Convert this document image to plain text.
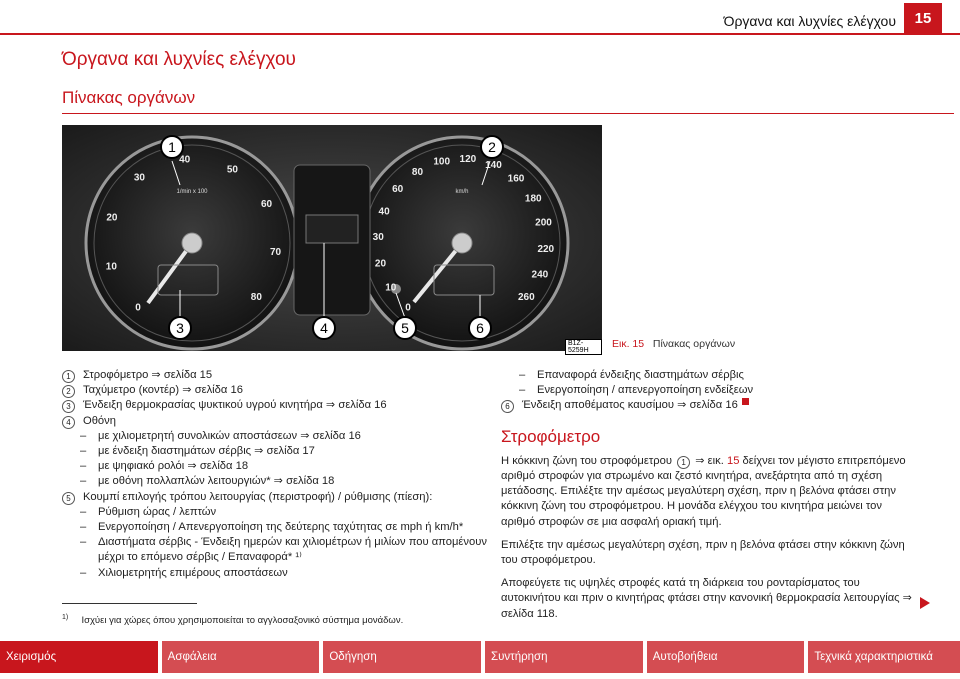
Όργανα και λυχνίες ελέγχου	15
Όργανα και λυχνίες ελέγχου
Πίνακας οργάνων
0
10
20
30
40
50
60
70
80
0
10
20
30
40
60
80
100 120
140
160
180
200
220
240
260
1/min x 100	km/h
1	2
3	4	5	6
B1Z-5259H
Εικ. 15 Πίνακας οργάνων
1	Στροφόμετρο ⇒ σελίδα 15
2	Ταχύμετρο (κοντέρ) ⇒ σελίδα 16
3	Ένδειξη θερμοκρασίας ψυκτικού υγρού κινητήρα ⇒ σελίδα 16
4	Οθόνη
–	με χιλιομετρητή συνολικών αποστάσεων ⇒ σελίδα 16
–	με ένδειξη διαστημάτων σέρβις ⇒ σελίδα 17
–	με ψηφιακό ρολόι ⇒ σελίδα 18
–	με οθόνη πολλαπλών λειτουργιών* ⇒ σελίδα 18
5	Κουμπί επιλογής τρόπου λειτουργίας (περιστροφή) / ρύθμισης (πίεση):
–	Ρύθμιση ώρας / λεπτών
–	Ενεργοποίηση / Απενεργοποίηση της δεύτερης ταχύτητας σε mph ή km/h*
–	Διαστήματα σέρβις - Ένδειξη ημερών και χιλιομέτρων ή μιλίων που απομένουν μέχρι το επόμενο σέρβις / Επαναφορά* ¹⁾
–	Χιλιομετρητής επιμέρους αποστάσεων
$^{1)}$ Ισχύει για χώρες όπου χρησιμοποιείται το αγγλοσαξονικό σύστημα μονάδων.
–	Επαναφορά ένδειξης διαστημάτων σέρβις
–	Ενεργοποίηση / απενεργοποίηση ενδείξεων
6	Ένδειξη αποθέματος καυσίμου ⇒ σελίδα 16
Στροφόμετρο
Η κόκκινη ζώνη του στροφόμετρου 1 ⇒ εικ. 15 δείχνει τον μέγιστο επιτρεπόμενο αριθμό στροφών για στρωμένο και ζεστό κινητήρα, ανεξάρτητα από τη σχέση μετάδοσης. Επιλέξτε την αμέσως μεγαλύτερη σχέση, πριν η βελόνα φτάσει στην κόκκινη ζώνη του στροφόμετρου. Η μονάδα ελέγχου του κινητήρα μειώνει τον αριθμό στροφών σε μια ασφαλή οριακή τιμή.
Επιλέξτε την αμέσως μεγαλύτερη σχέση, πριν η βελόνα φτάσει στην κόκκινη ζώνη του στροφόμετρου.
Αποφεύγετε τις υψηλές στροφές κατά τη διάρκεια του ρονταρίσματος του αυτοκινήτου και πριν ο κινητήρας φτάσει στην κανονική θερμοκρασία λειτουργίας ⇒ σελίδα 118.
Χειρισμός	Ασφάλεια	Οδήγηση	Συντήρηση	Αυτοβοήθεια	Τεχνικά χαρακτηριστικά
